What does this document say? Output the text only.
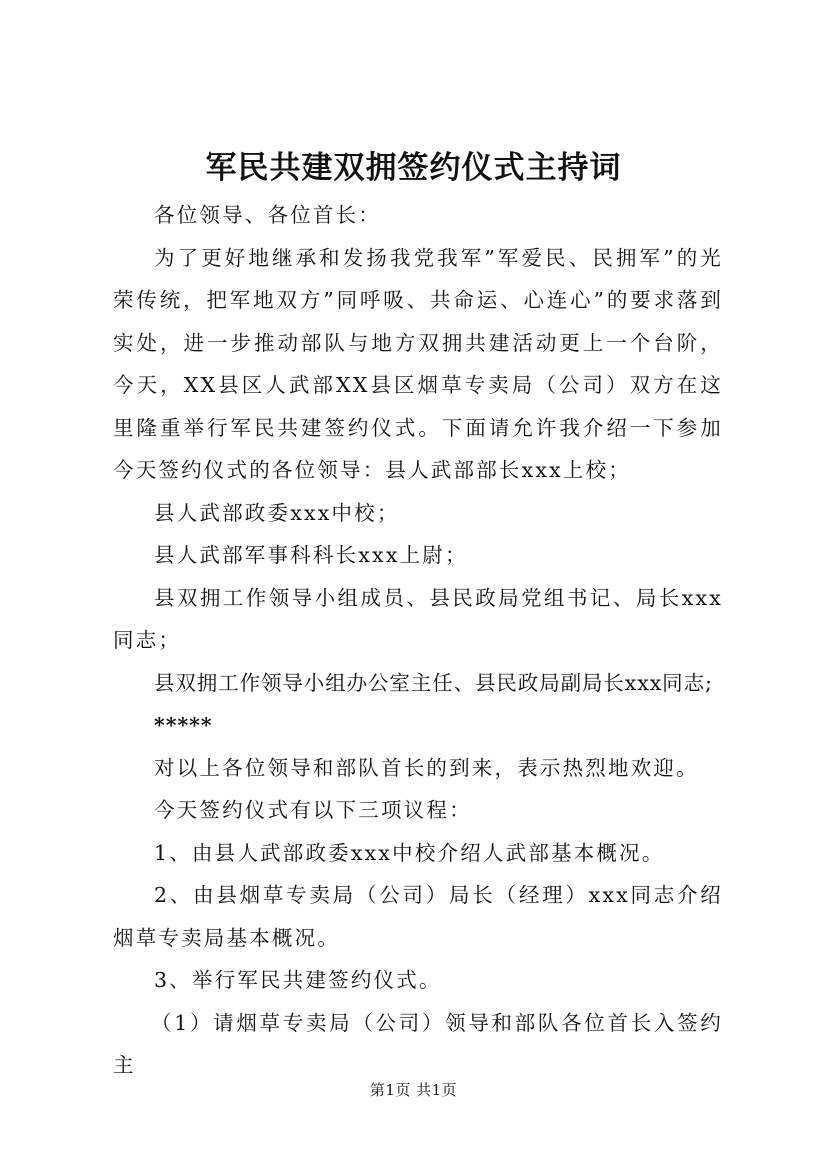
军民共建双拥签约仪式主持词

各位领导、各位首长：

为了更好地继承和发扬我党我军”军爱民、民拥军”的光荣传统，把军地双方”同呼吸、共命运、心连心”的要求落到实处，进一步推动部队与地方双拥共建活动更上一个台阶，今天，XX县区人武部XX县区烟草专卖局（公司）双方在这里隆重举行军民共建签约仪式。下面请允许我介绍一下参加今天签约仪式的各位领导：县人武部部长xxx上校；

县人武部政委xxx中校；

县人武部军事科科长xxx上尉；

县双拥工作领导小组成员、县民政局党组书记、局长xxx同志；

县双拥工作领导小组办公室主任、县民政局副局长xxx同志;

*****

对以上各位领导和部队首长的到来，表示热烈地欢迎。

今天签约仪式有以下三项议程：

1、由县人武部政委xxx中校介绍人武部基本概况。

2、由县烟草专卖局（公司）局长（经理）xxx同志介绍烟草专卖局基本概况。

3、举行军民共建签约仪式。

（1）请烟草专卖局（公司）领导和部队各位首长入签约主

第1页 共1页
